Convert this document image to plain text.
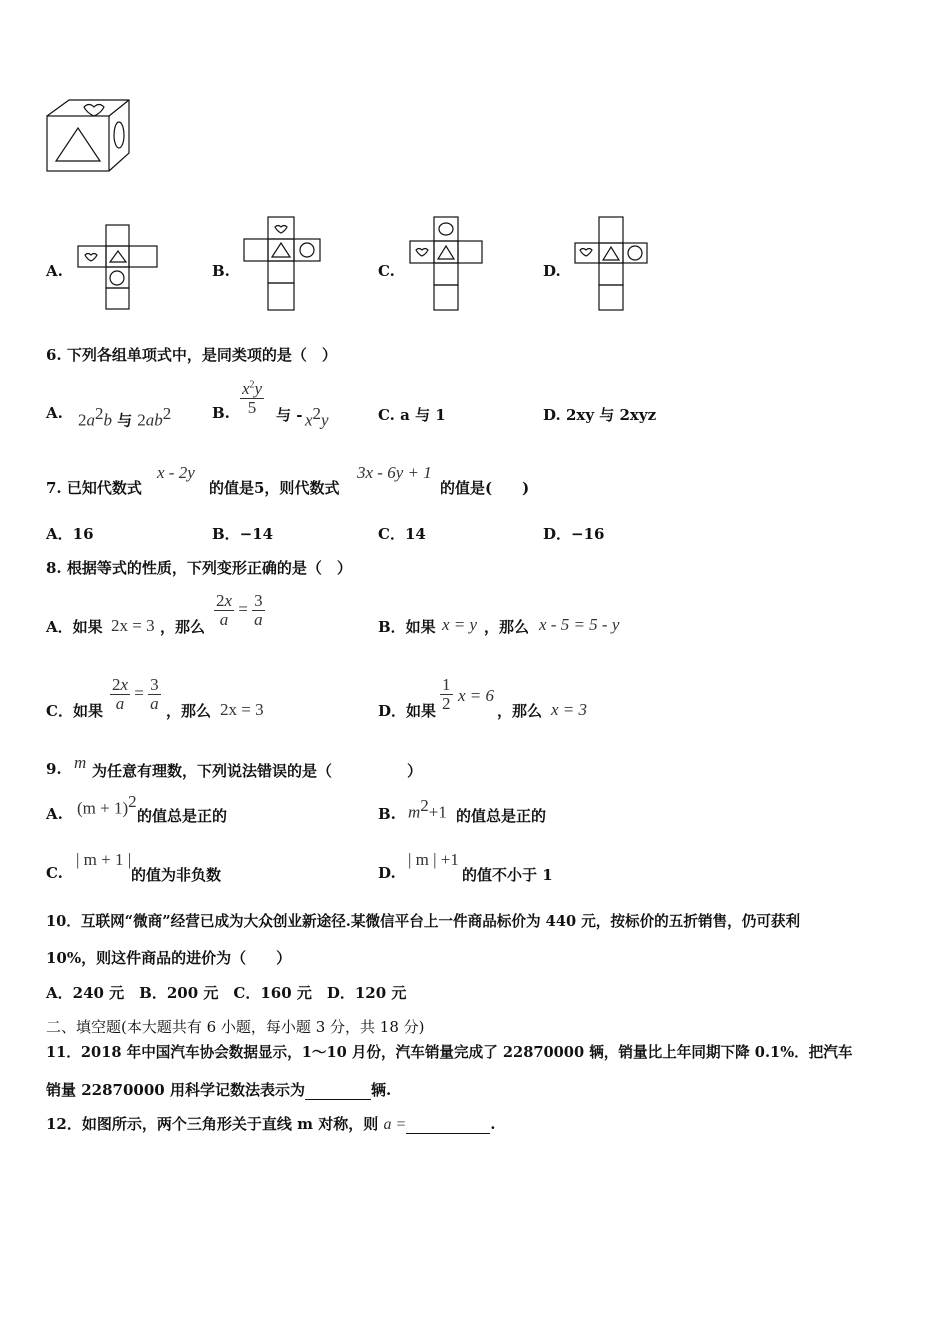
A.	B.	C.	D.
6. 下列各组单项式中，是同类项的是（　）
A. $2a^2b$ 与 $2ab^2$	B. $\frac{x^2y}{5}$ 与 - $x^2y$	C. a 与 1	D. 2xy 与 2xyz
7. 已知代数式
x - 2y
的值是5，则代数式
3x - 6y + 1
的值是(　　)
A．16	B．−14	C．14	D．−16
8. 根据等式的性质，下列变形正确的是（　）
A．如果 2x = 3 ，那么 $\frac{2x}{a} = \frac{3}{a}$	B．如果 x = y ，那么 x - 5 = 5 - y
C．如果 $\frac{2x}{a} = \frac{3}{a}$ ，那么 2x = 3	D．如果 $\frac{1}{2}$ x = 6
，那么 x = 3
9. m 为任意有理数，下列说法错误的是（　　　　　）
A. $(m + 1)^2$
的值总是正的	B. $m^2+1$ 的值总是正的
C.
| m + 1 |
的值为非负数	D.
| m | +1
的值不小于 1
10．互联网“微商”经营已成为大众创业新途径.某微信平台上一件商品标价为 440 元，按标价的五折销售，仍可获利
10%，则这件商品的进价为（　　）
A．240 元　B．200 元　C．160 元　D．120 元
二、填空题(本大题共有 6 小题，每小题 3 分，共 18 分)
11．2018 年中国汽车协会数据显示，1～10 月份，汽车销量完成了 22870000 辆，销量比上年同期下降 0.1%．把汽车
销量 22870000 用科学记数法表示为	辆.
12．如图所示，两个三角形关于直线 m 对称，则 a =	.
